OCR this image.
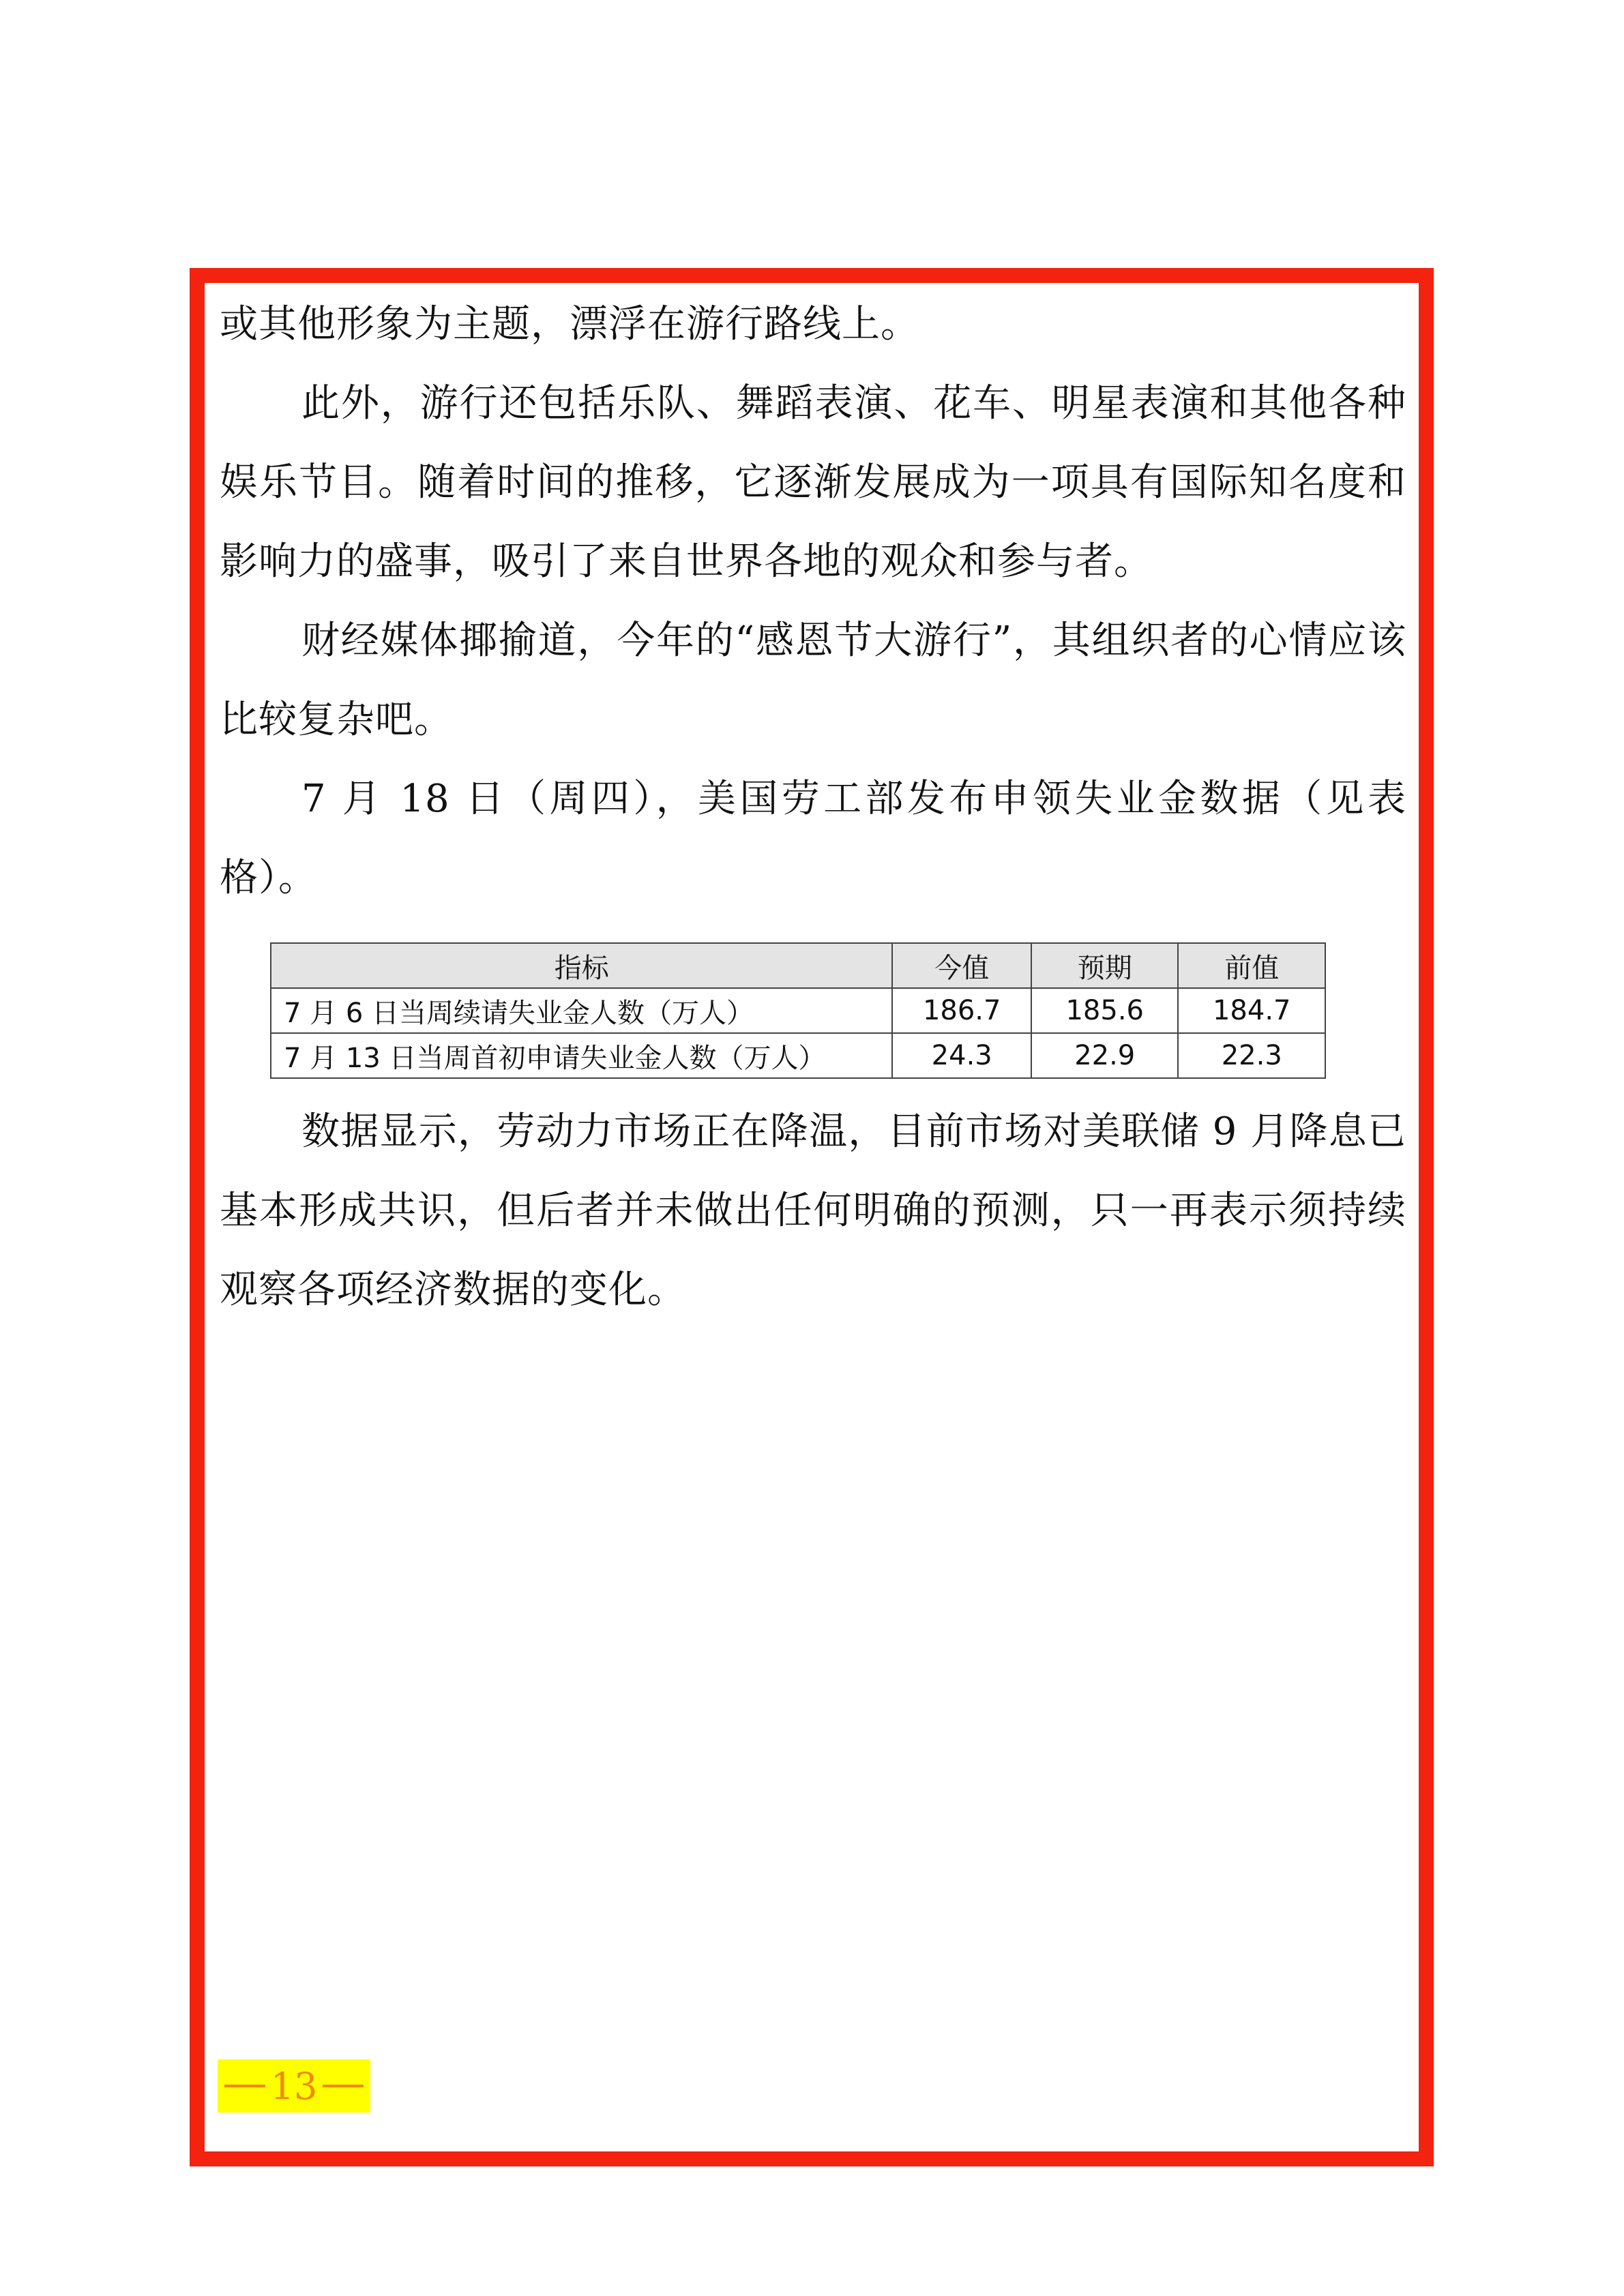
或其他形象为主题，漂浮在游行路线上。

此外，游行还包括乐队、舞蹈表演、花车、明星表演和其他各种娱乐节目。随着时间的推移，它逐渐发展成为一项具有国际知名度和影响力的盛事，吸引了来自世界各地的观众和参与者。

财经媒体揶揄道，今年的“感恩节大游行”，其组织者的心情应该比较复杂吧。

7 月 18 日（周四），美国劳工部发布申领失业金数据（见表格）。

指标	今值	预期	前值
7 月 6 日当周续请失业金人数（万人）	186.7	185.6	184.7
7 月 13 日当周首初申请失业金人数（万人）	24.3	22.9	22.3

数据显示，劳动力市场正在降温，目前市场对美联储 9 月降息已基本形成共识，但后者并未做出任何明确的预测，只一再表示须持续观察各项经济数据的变化。

13
